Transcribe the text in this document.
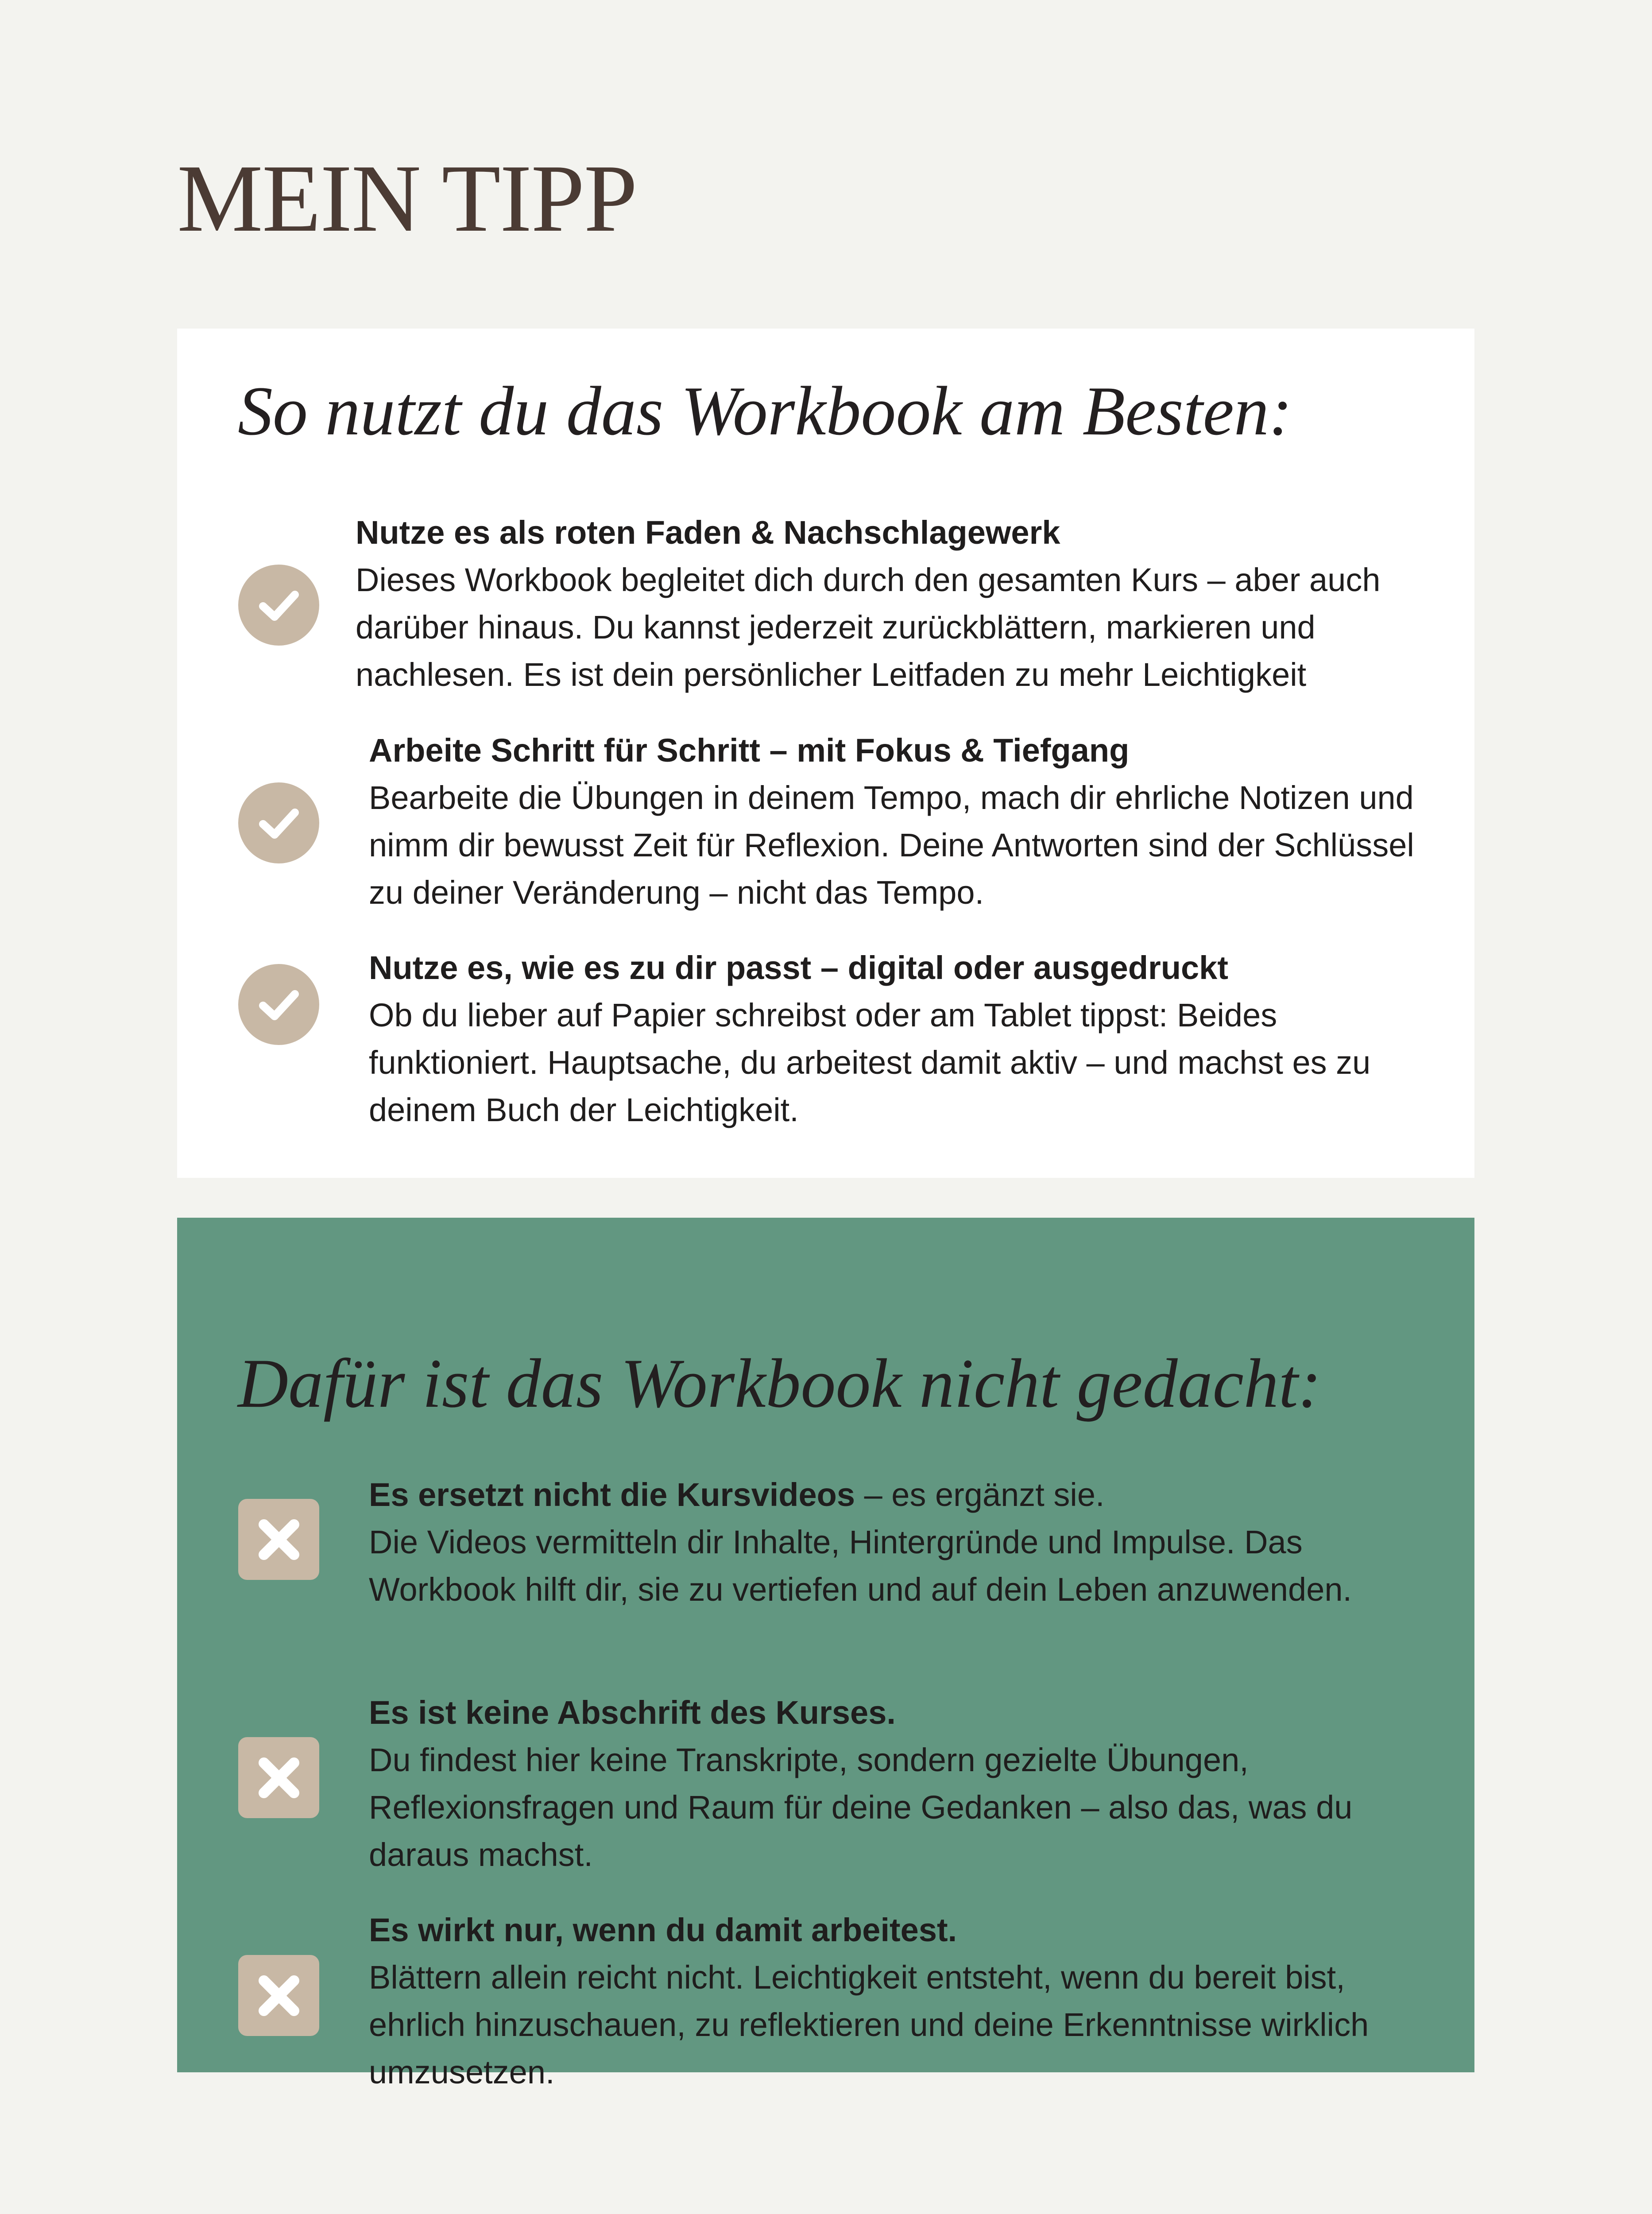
MEIN TIPP
So nutzt du das Workbook am Besten:
Nutze es als roten Faden & Nachschlagewerk
Dieses Workbook begleitet dich durch den gesamten Kurs – aber auch
darüber hinaus. Du kannst jederzeit zurückblättern, markieren und
nachlesen. Es ist dein persönlicher Leitfaden zu mehr Leichtigkeit
Arbeite Schritt für Schritt – mit Fokus & Tiefgang
Bearbeite die Übungen in deinem Tempo, mach dir ehrliche Notizen und
nimm dir bewusst Zeit für Reflexion. Deine Antworten sind der Schlüssel
zu deiner Veränderung – nicht das Tempo.
Nutze es, wie es zu dir passt – digital oder ausgedruckt
Ob du lieber auf Papier schreibst oder am Tablet tippst: Beides
funktioniert. Hauptsache, du arbeitest damit aktiv – und machst es zu
deinem Buch der Leichtigkeit.
Dafür ist das Workbook nicht gedacht:
Es ersetzt nicht die Kursvideos – es ergänzt sie.
Die Videos vermitteln dir Inhalte, Hintergründe und Impulse. Das
Workbook hilft dir, sie zu vertiefen und auf dein Leben anzuwenden.
Es ist keine Abschrift des Kurses.
Du findest hier keine Transkripte, sondern gezielte Übungen,
Reflexionsfragen und Raum für deine Gedanken – also das, was du
daraus machst.
Es wirkt nur, wenn du damit arbeitest.
Blättern allein reicht nicht. Leichtigkeit entsteht, wenn du bereit bist,
ehrlich hinzuschauen, zu reflektieren und deine Erkenntnisse wirklich
umzusetzen.
